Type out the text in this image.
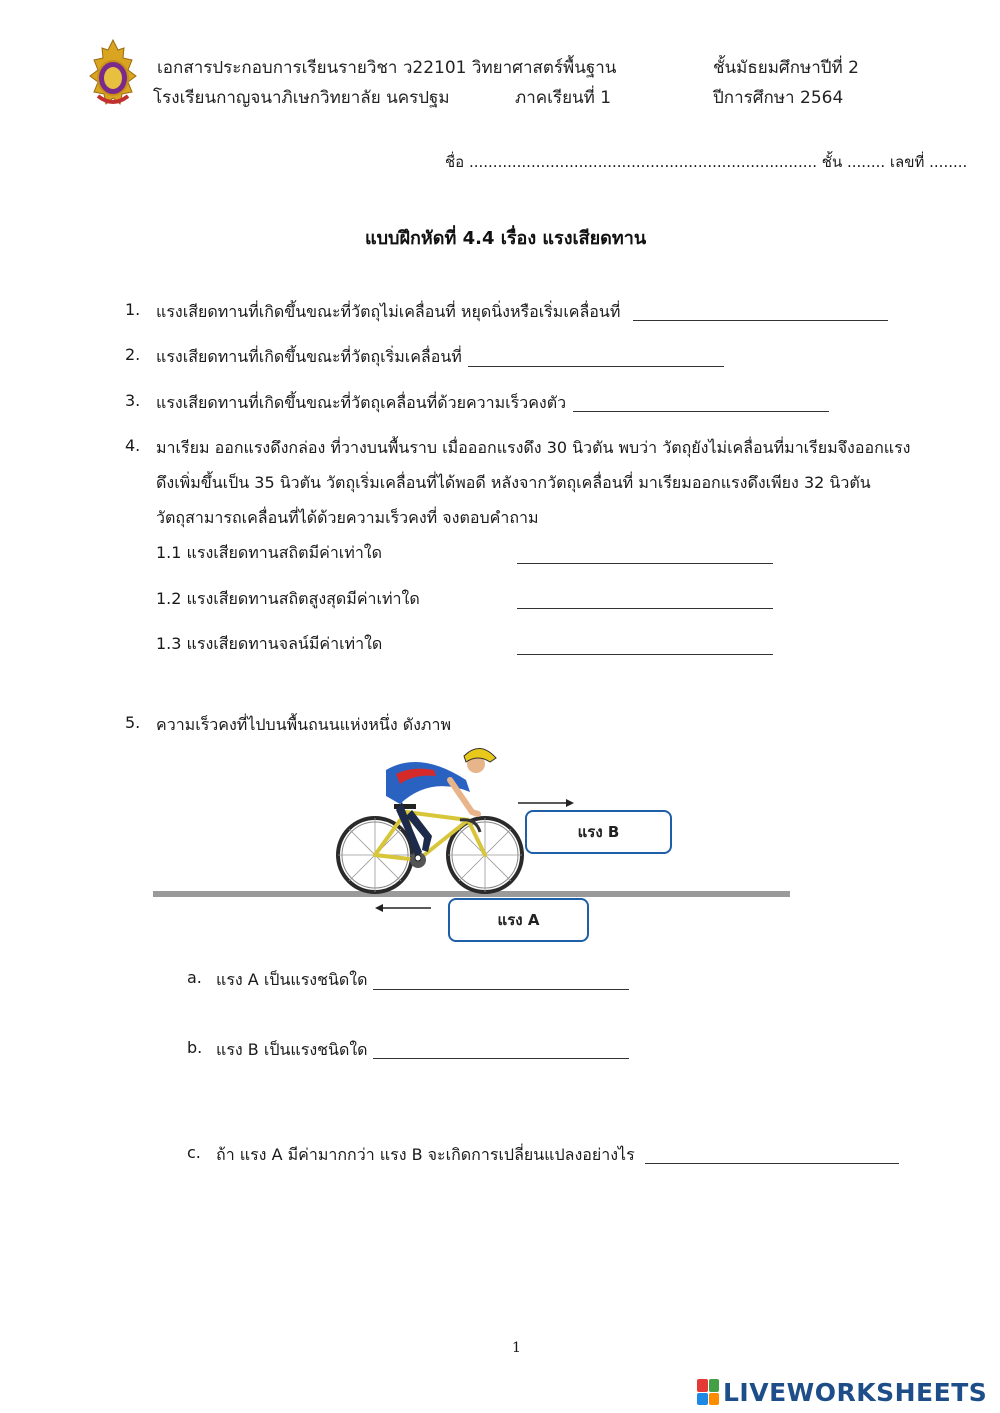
เอกสารประกอบการเรียนรายวิชา ว22101 วิทยาศาสตร์พื้นฐาน	ชั้นมัธยมศึกษาปีที่ 2
โรงเรียนกาญจนาภิเษกวิทยาลัย นครปฐม	ภาคเรียนที่ 1	ปีการศึกษา 2564
ชื่อ ......................................................................... ชั้น ........ เลขที่ ........
แบบฝึกหัดที่ 4.4 เรื่อง แรงเสียดทาน
1. แรงเสียดทานที่เกิดขึ้นขณะที่วัตถุไม่เคลื่อนที่ หยุดนิ่งหรือเริ่มเคลื่อนที่
2. แรงเสียดทานที่เกิดขึ้นขณะที่วัตถุเริ่มเคลื่อนที่
3. แรงเสียดทานที่เกิดขึ้นขณะที่วัตถุเคลื่อนที่ด้วยความเร็วคงตัว
4. มาเรียม ออกแรงดึงกล่อง ที่วางบนพื้นราบ เมื่อออกแรงดึง 30 นิวตัน พบว่า วัตถุยังไม่เคลื่อนที่มาเรียมจึงออกแรง
ดึงเพิ่มขึ้นเป็น 35 นิวตัน วัตถุเริ่มเคลื่อนที่ได้พอดี หลังจากวัตถุเคลื่อนที่ มาเรียมออกแรงดึงเพียง 32 นิวตัน
วัตถุสามารถเคลื่อนที่ได้ด้วยความเร็วคงที่ จงตอบคำถาม
1.1 แรงเสียดทานสถิตมีค่าเท่าใด
1.2 แรงเสียดทานสถิตสูงสุดมีค่าเท่าใด
1.3 แรงเสียดทานจลน์มีค่าเท่าใด
5. ความเร็วคงที่ไปบนพื้นถนนแห่งหนึ่ง ดังภาพ
แรง B
แรง A
a. แรง A เป็นแรงชนิดใด
b. แรง B เป็นแรงชนิดใด
c. ถ้า แรง A มีค่ามากกว่า แรง B จะเกิดการเปลี่ยนแปลงอย่างไร
1
LIVEWORKSHEETS
